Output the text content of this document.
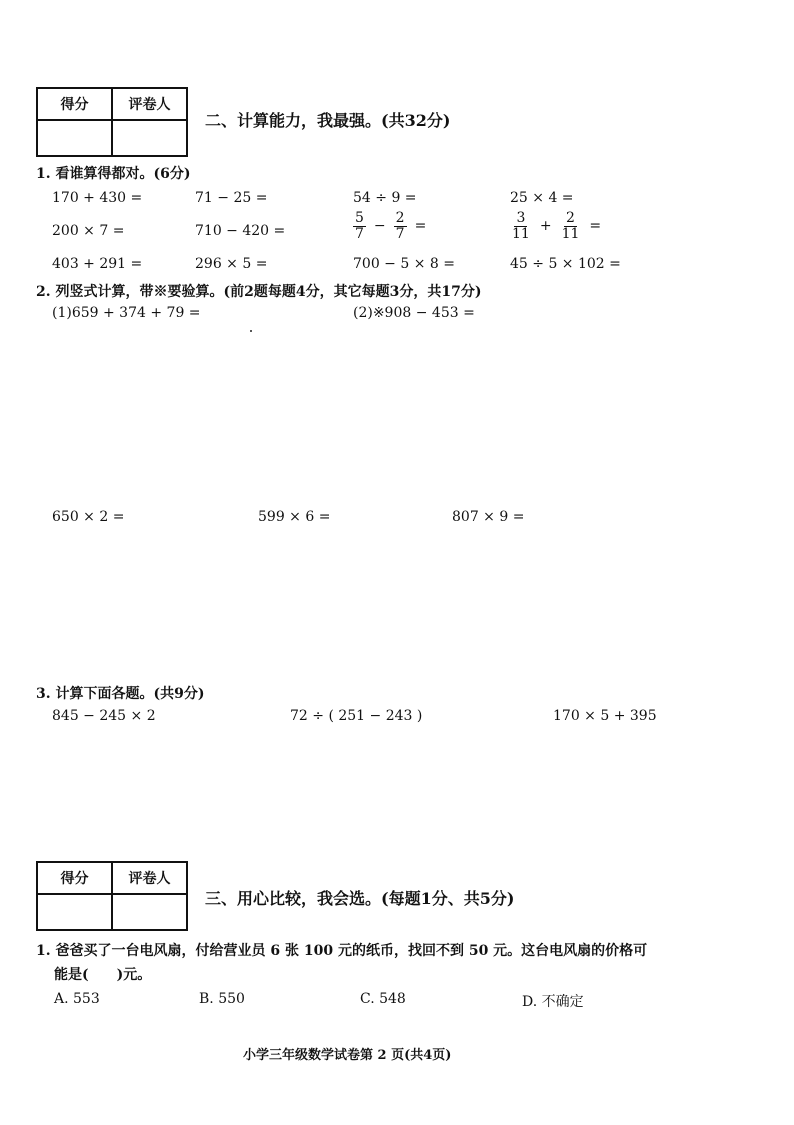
得分	评卷人

二、计算能力，我最强。(共32分)
1. 看谁算得都对。(6分)
170 + 430 =	71 − 25 =	54 ÷ 9 =	25 × 4 =
200 × 7 =	710 − 420 =	$\frac{5}{7} - \frac{2}{7}$ =	$\frac{3}{11} + \frac{2}{11}$ =
403 + 291 =	296 × 5 =	700 − 5 × 8 =	45 ÷ 5 × 102 =
2. 列竖式计算，带※要验算。(前2题每题4分，其它每题3分，共17分)
(1)659 + 374 + 79 =	(2)※908 − 453 =
650 × 2 =	599 × 6 =	807 × 9 =
3. 计算下面各题。(共9分)
845 − 245 × 2	72 ÷ ( 251 − 243 )	170 × 5 + 395
得分	评卷人

三、用心比较，我会选。(每题1分、共5分)
1. 爸爸买了一台电风扇，付给营业员 6 张 100 元的纸币，找回不到 50 元。这台电风扇的价格可
能是(　　)元。
A. 553	B. 550	C. 548	D. 不确定
小学三年级数学试卷第 2 页(共4页)
